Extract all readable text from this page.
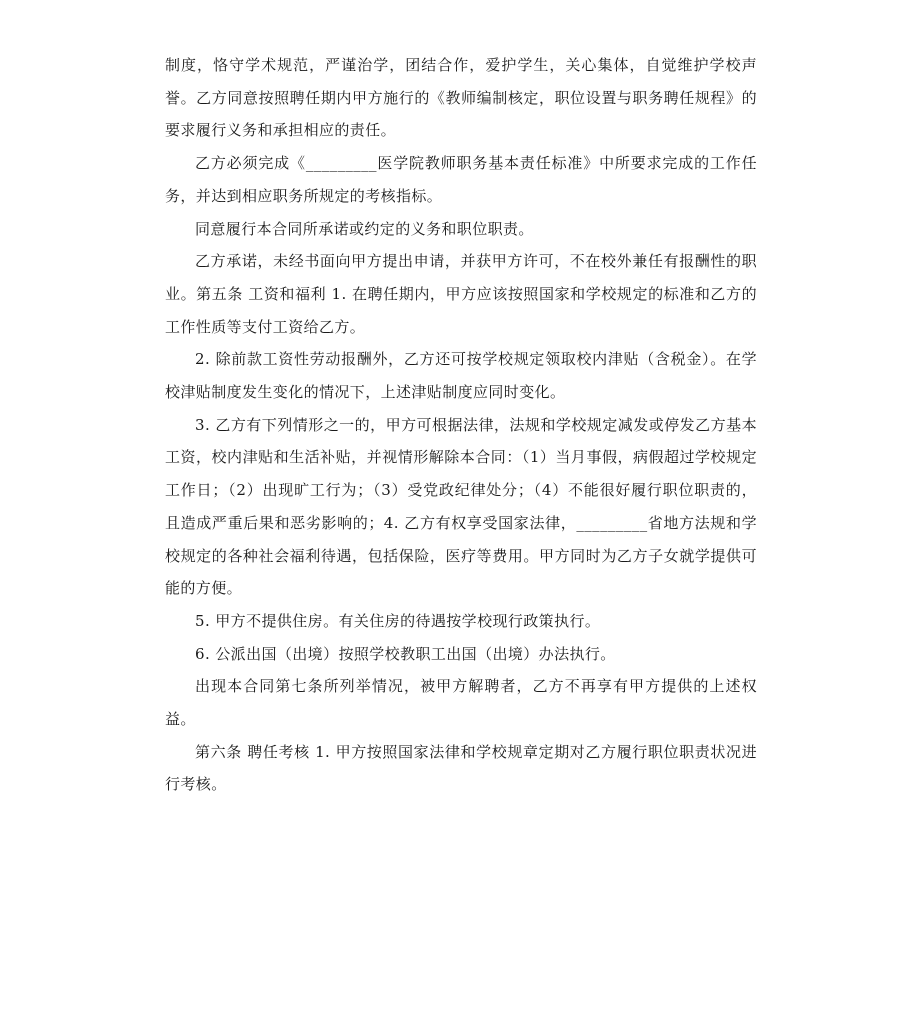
制度，恪守学术规范，严谨治学，团结合作，爱护学生，关心集体，自觉维护学校声誉。乙方同意按照聘任期内甲方施行的《教师编制核定，职位设置与职务聘任规程》的要求履行义务和承担相应的责任。

乙方必须完成《_________医学院教师职务基本责任标准》中所要求完成的工作任务，并达到相应职务所规定的考核指标。

同意履行本合同所承诺或约定的义务和职位职责。

乙方承诺，未经书面向甲方提出申请，并获甲方许可，不在校外兼任有报酬性的职业。第五条 工资和福利 1. 在聘任期内，甲方应该按照国家和学校规定的标准和乙方的工作性质等支付工资给乙方。

2. 除前款工资性劳动报酬外，乙方还可按学校规定领取校内津贴（含税金）。在学校津贴制度发生变化的情况下，上述津贴制度应同时变化。

3. 乙方有下列情形之一的，甲方可根据法律，法规和学校规定减发或停发乙方基本工资，校内津贴和生活补贴，并视情形解除本合同：（1）当月事假，病假超过学校规定工作日；（2）出现旷工行为；（3）受党政纪律处分；（4）不能很好履行职位职责的，且造成严重后果和恶劣影响的；4. 乙方有权享受国家法律，_________省地方法规和学校规定的各种社会福利待遇，包括保险，医疗等费用。甲方同时为乙方子女就学提供可能的方便。

5. 甲方不提供住房。有关住房的待遇按学校现行政策执行。

6. 公派出国（出境）按照学校教职工出国（出境）办法执行。

出现本合同第七条所列举情况，被甲方解聘者，乙方不再享有甲方提供的上述权益。

第六条 聘任考核 1. 甲方按照国家法律和学校规章定期对乙方履行职位职责状况进行考核。
